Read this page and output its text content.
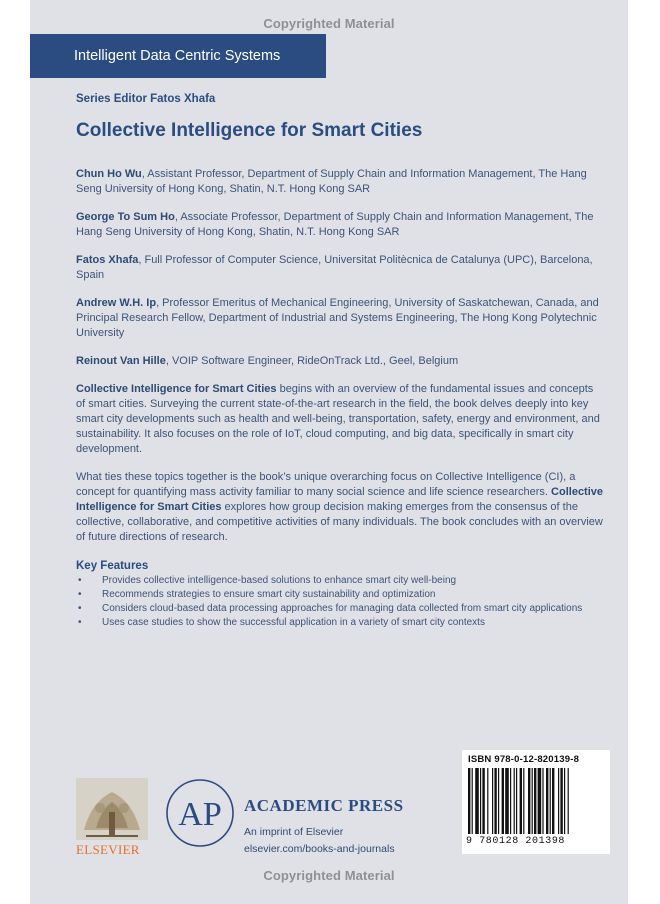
Copyrighted Material
Intelligent Data Centric Systems
Series Editor Fatos Xhafa
Collective Intelligence for Smart Cities

Chun Ho Wu, Assistant Professor, Department of Supply Chain and Information Management, The Hang Seng University of Hong Kong, Shatin, N.T. Hong Kong SAR

George To Sum Ho, Associate Professor, Department of Supply Chain and Information Management, The Hang Seng University of Hong Kong, Shatin, N.T. Hong Kong SAR

Fatos Xhafa, Full Professor of Computer Science, Universitat Politècnica de Catalunya (UPC), Barcelona, Spain

Andrew W.H. Ip, Professor Emeritus of Mechanical Engineering, University of Saskatchewan, Canada, and Principal Research Fellow, Department of Industrial and Systems Engineering, The Hong Kong Polytechnic University

Reinout Van Hille, VOIP Software Engineer, RideOnTrack Ltd., Geel, Belgium

Collective Intelligence for Smart Cities begins with an overview of the fundamental issues and concepts of smart cities. Surveying the current state-of-the-art research in the field, the book delves deeply into key smart city developments such as health and well-being, transportation, safety, energy and environment, and sustainability. It also focuses on the role of IoT, cloud computing, and big data, specifically in smart city development.

What ties these topics together is the book’s unique overarching focus on Collective Intelligence (CI), a concept for quantifying mass activity familiar to many social science and life science researchers. Collective Intelligence for Smart Cities explores how group decision making emerges from the consensus of the collective, collaborative, and competitive activities of many individuals. The book concludes with an overview of future directions of research.

Key Features
• Provides collective intelligence-based solutions to enhance smart city well-being
• Recommends strategies to ensure smart city sustainability and optimization
• Considers cloud-based data processing approaches for managing data collected from smart city applications
• Uses case studies to show the successful application in a variety of smart city contexts
ELSEVIER
AP ACADEMIC PRESS
An imprint of Elsevier
elsevier.com/books-and-journals
ISBN 978-0-12-820139-8
9 780128 201398
Copyrighted Material
